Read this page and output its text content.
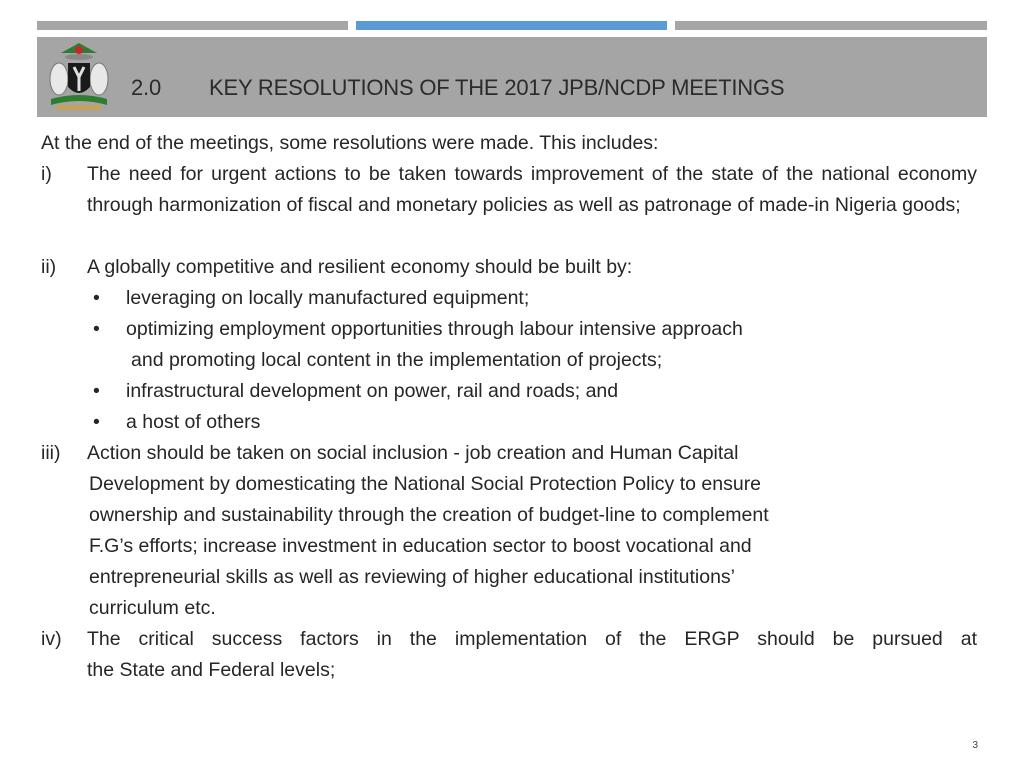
2.0	KEY RESOLUTIONS OF THE 2017 JPB/NCDP MEETINGS
At the end of the meetings, some resolutions were made. This includes:
i)	The need for urgent actions to be taken towards improvement of the state of the national economy through harmonization of fiscal and monetary policies as well as patronage of made-in Nigeria goods;
ii)	A globally competitive and resilient economy should be built by:
•	leveraging on locally manufactured equipment;
•	optimizing employment opportunities through labour intensive approach
and promoting local content in the implementation of projects;
•	infrastructural development on power, rail and roads; and
•	a host of others
iii)	Action should be taken on social inclusion - job creation and Human Capital
Development by domesticating the National Social Protection Policy to ensure
ownership and sustainability through the creation of budget-line to complement
F.G’s efforts; increase investment in education sector to boost vocational and
entrepreneurial skills as well as reviewing of higher educational institutions’
curriculum etc.
iv)	The critical success factors in the implementation of the ERGP should be pursued at
the State and Federal levels;
3
